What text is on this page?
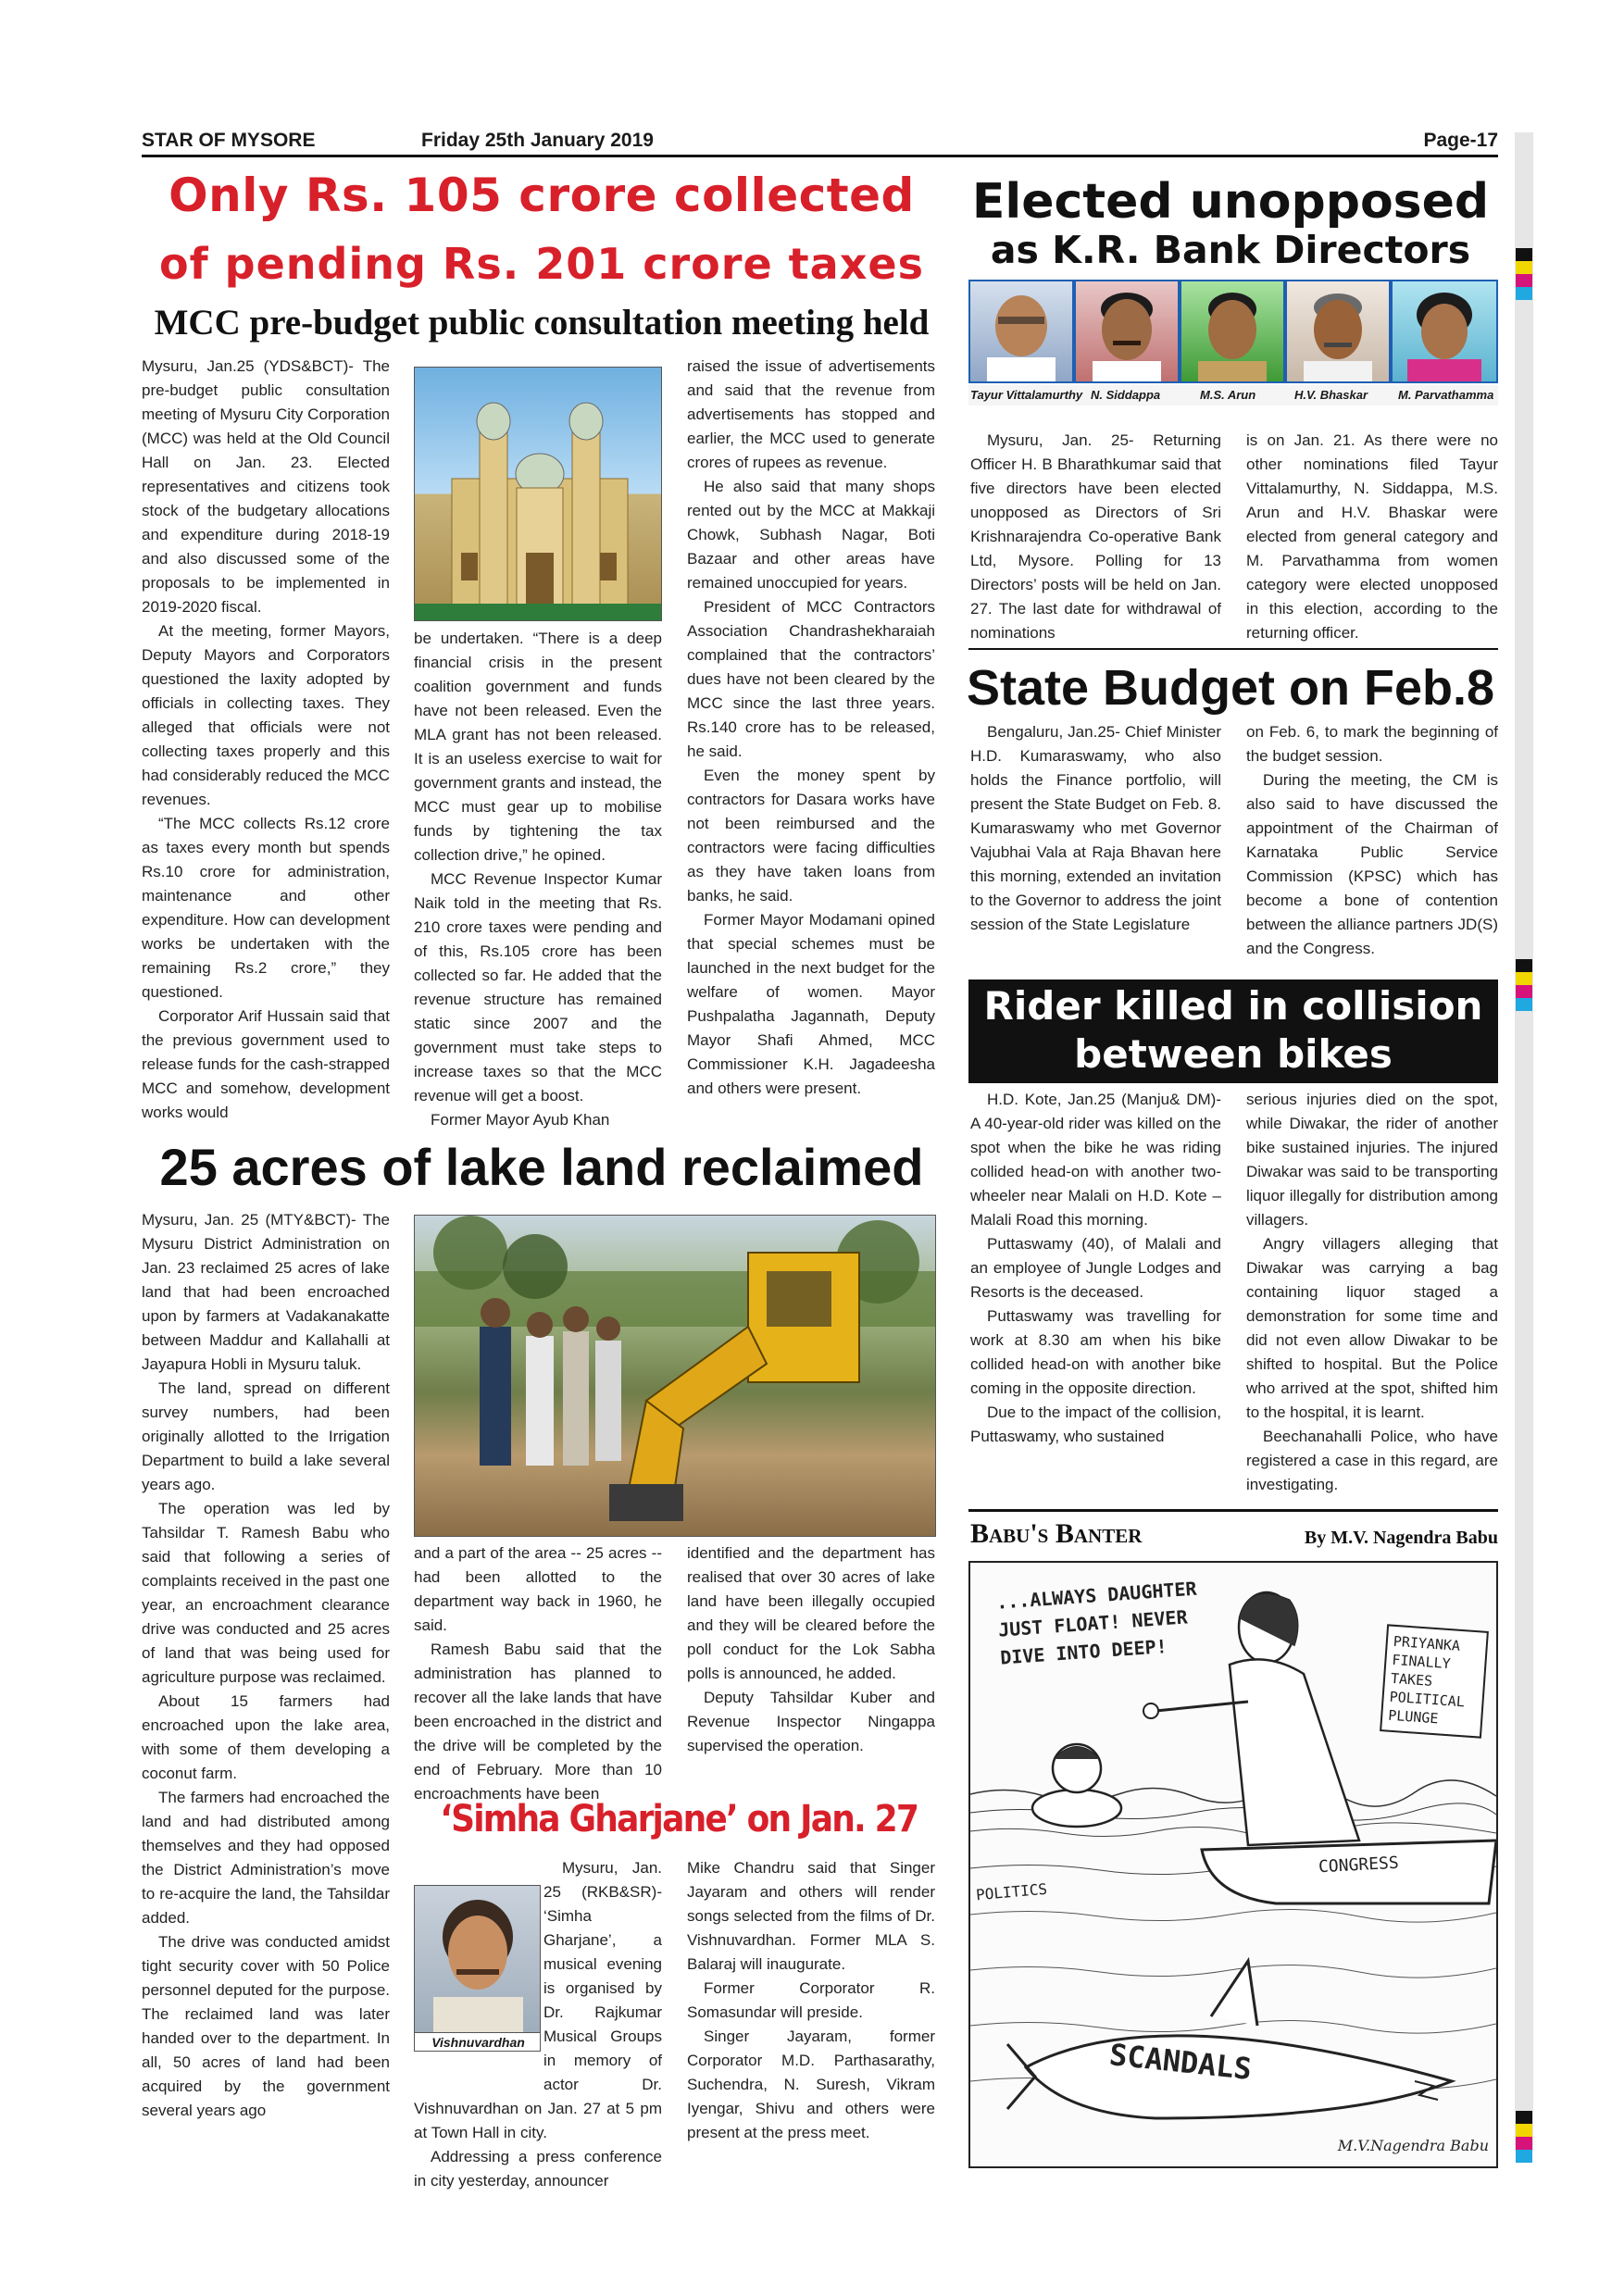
STAR OF MYSORE	Friday 25th January 2019	Page-17
Only Rs. 105 crore collected
of pending Rs. 201 crore taxes
MCC pre-budget public consultation meeting held

Mysuru, Jan.25 (YDS&BCT)- The pre-budget public consultation meeting of Mysuru City Corporation (MCC) was held at the Old Council Hall on Jan. 23. Elected representatives and citizens took stock of the budgetary allocations and expenditure during 2018-19 and also discussed some of the proposals to be implemented in 2019-2020 fiscal.

At the meeting, former Mayors, Deputy Mayors and Corporators questioned the laxity adopted by officials in collecting taxes. They alleged that officials were not collecting taxes properly and this had considerably reduced the MCC revenues.

“The MCC collects Rs.12 crore as taxes every month but spends Rs.10 crore for administration, maintenance and other expenditure. How can development works be undertaken with the remaining Rs.2 crore,” they questioned.

Corporator Arif Hussain said that the previous government used to release funds for the cash-strapped MCC and somehow, development works would

be undertaken. “There is a deep financial crisis in the present coalition government and funds have not been released. Even the MLA grant has not been released. It is an useless exercise to wait for government grants and instead, the MCC must gear up to mobilise funds by tightening the tax collection drive,” he opined.

MCC Revenue Inspector Kumar Naik told in the meeting that Rs. 210 crore taxes were pending and of this, Rs.105 crore has been collected so far. He added that the revenue structure has remained static since 2007 and the government must take steps to increase taxes so that the MCC revenue will get a boost.

Former Mayor Ayub Khan

raised the issue of advertisements and said that the revenue from advertisements has stopped and earlier, the MCC used to generate crores of rupees as revenue.

He also said that many shops rented out by the MCC at Makkaji Chowk, Subhash Nagar, Boti Bazaar and other areas have remained unoccupied for years.

President of MCC Contractors Association Chandrashekharaiah complained that the contractors’ dues have not been cleared by the MCC since the last three years. Rs.140 crore has to be released, he said.

Even the money spent by contractors for Dasara works have not been reimbursed and the contractors were facing difficulties as they have taken loans from banks, he said.

Former Mayor Modamani opined that special schemes must be launched in the next budget for the welfare of women. Mayor Pushpalatha Jagannath, Deputy Mayor Shafi Ahmed, MCC Commissioner K.H. Jagadeesha and others were present.

25 acres of lake land reclaimed

Mysuru, Jan. 25 (MTY&BCT)- The Mysuru District Administration on Jan. 23 reclaimed 25 acres of lake land that had been encroached upon by farmers at Vadakanakatte between Maddur and Kallahalli at Jayapura Hobli in Mysuru taluk.

The land, spread on different survey numbers, had been originally allotted to the Irrigation Department to build a lake several years ago.

The operation was led by Tahsildar T. Ramesh Babu who said that following a series of complaints received in the past one year, an encroachment clearance drive was conducted and 25 acres of land that was being used for agriculture purpose was reclaimed.

About 15 farmers had encroached upon the lake area, with some of them developing a coconut farm.

The farmers had encroached the land and had distributed among themselves and they had opposed the District Administration’s move to re-acquire the land, the Tahsildar added.

The drive was conducted amidst tight security cover with 50 Police personnel deputed for the purpose. The reclaimed land was later handed over to the department. In all, 50 acres of land had been acquired by the government several years ago

and a part of the area -- 25 acres -- had been allotted to the department way back in 1960, he said.

Ramesh Babu said that the administration has planned to recover all the lake lands that have been encroached in the district and the drive will be completed by the end of February. More than 10 encroachments have been

identified and the department has realised that over 30 acres of lake land have been illegally occupied and they will be cleared before the poll conduct for the Lok Sabha polls is announced, he added.

Deputy Tahsildar Kuber and Revenue Inspector Ningappa supervised the operation.

‘Simha Gharjane’ on Jan. 27
Vishnuvardhan

Mysuru, Jan. 25 (RKB&SR)- ‘Simha Gharjane’, a musical evening is organised by Dr. Rajkumar Musical Groups in memory of actor Dr. Vishnuvardhan on Jan. 27 at 5 pm at Town Hall in city.

Addressing a press conference in city yesterday, announcer

Mike Chandru said that Singer Jayaram and others will render songs selected from the films of Dr. Vishnuvardhan. Former MLA S. Balaraj will inaugurate.

Former Corporator R. Somasundar will preside.

Singer Jayaram, former Corporator M.D. Parthasarathy, Suchendra, N. Suresh, Vikram Iyengar, Shivu and others were present at the press meet.

Elected unopposed
as K.R. Bank Directors
Tayur Vittalamurthy N. Siddappa	M.S. Arun	H.V. Bhaskar	M. Parvathamma

Mysuru, Jan. 25- Returning Officer H. B Bharathkumar said that five directors have been elected unopposed as Directors of Sri Krishnarajendra Co-operative Bank Ltd, Mysore. Polling for 13 Directors’ posts will be held on Jan. 27. The last date for withdrawal of nominations

is on Jan. 21. As there were no other nominations filed Tayur Vittalamurthy, N. Siddappa, M.S. Arun and H.V. Bhaskar were elected from general category and M. Parvathamma from women category were elected unopposed in this election, according to the returning officer.

State Budget on Feb.8

Bengaluru, Jan.25- Chief Minister H.D. Kumaraswamy, who also holds the Finance portfolio, will present the State Budget on Feb. 8. Kumaraswamy who met Governor Vajubhai Vala at Raja Bhavan here this morning, extended an invitation to the Governor to address the joint session of the State Legislature

on Feb. 6, to mark the beginning of the budget session.

During the meeting, the CM is also said to have discussed the appointment of the Chairman of Karnataka Public Service Commission (KPSC) which has become a bone of contention between the alliance partners JD(S) and the Congress.

Rider killed in collision
between bikes

H.D. Kote, Jan.25 (Manju& DM)- A 40-year-old rider was killed on the spot when the bike he was riding collided head-on with another two-wheeler near Malali on H.D. Kote –Malali Road this morning.

Puttaswamy (40), of Malali and an employee of Jungle Lodges and Resorts is the deceased.

Puttaswamy was travelling for work at 8.30 am when his bike collided head-on with another bike coming in the opposite direction.

Due to the impact of the collision, Puttaswamy, who sustained

serious injuries died on the spot, while Diwakar, the rider of another bike sustained injuries. The injured Diwakar was said to be transporting liquor illegally for distribution among villagers.

Angry villagers alleging that Diwakar was carrying a bag containing liquor staged a demonstration for some time and did not even allow Diwakar to be shifted to hospital. But the Police who arrived at the spot, shifted him to the hospital, it is learnt.

Beechanahalli Police, who have registered a case in this regard, are investigating.

Babu's Banter	By M.V. Nagendra Babu
...ALWAYS DAUGHTER JUST FLOAT! NEVER DIVE INTO DEEP!	PRIYANKA FINALLY TAKES POLITICAL PLUNGE
CONGRESS
POLITICS
SCANDALS
M.V.Nagendra Babu
